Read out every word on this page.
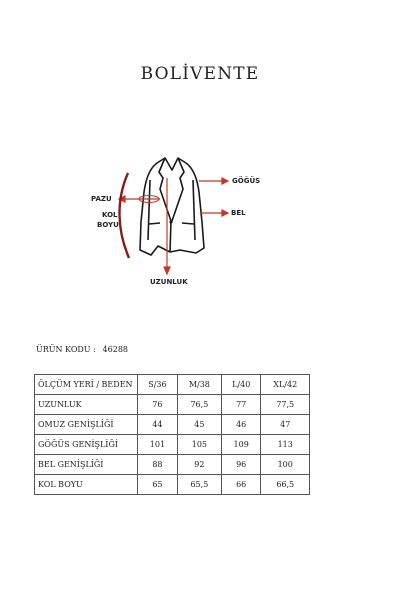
BOLİVENTE
PAZU
GÖĞÜS
KOL
BOYU
BEL
UZUNLUK
ÜRÜN KODU : 46288
ÖLÇÜM YERİ / BEDEN	S/36	M/38	L/40	XL/42
UZUNLUK	76	76,5	77	77,5
OMUZ GENİŞLİĞİ	44	45	46	47
GÖĞÜS GENİŞLİĞİ	101	105	109	113
BEL GENİŞLİĞİ	88	92	96	100
KOL BOYU	65	65,5	66	66,5
